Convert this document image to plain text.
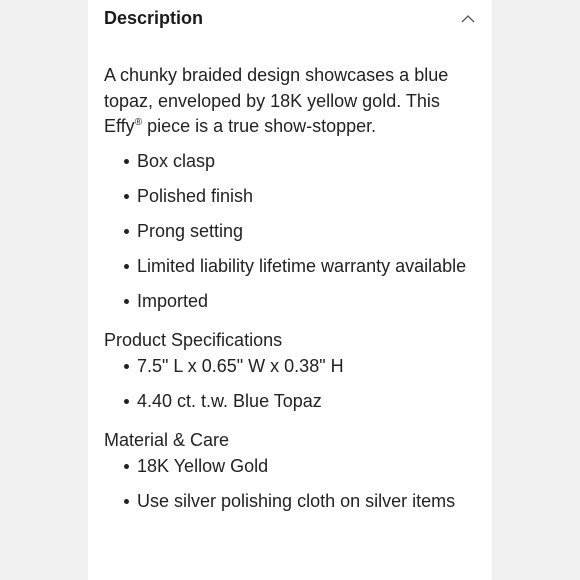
Description

A chunky braided design showcases a blue topaz, enveloped by 18K yellow gold. This Effy® piece is a true show-stopper.

Box clasp
Polished finish
Prong setting
Limited liability lifetime warranty available
Imported

Product Specifications

7.5" L x 0.65" W x 0.38" H
4.40 ct. t.w. Blue Topaz

Material & Care

18K Yellow Gold
Use silver polishing cloth on silver items
